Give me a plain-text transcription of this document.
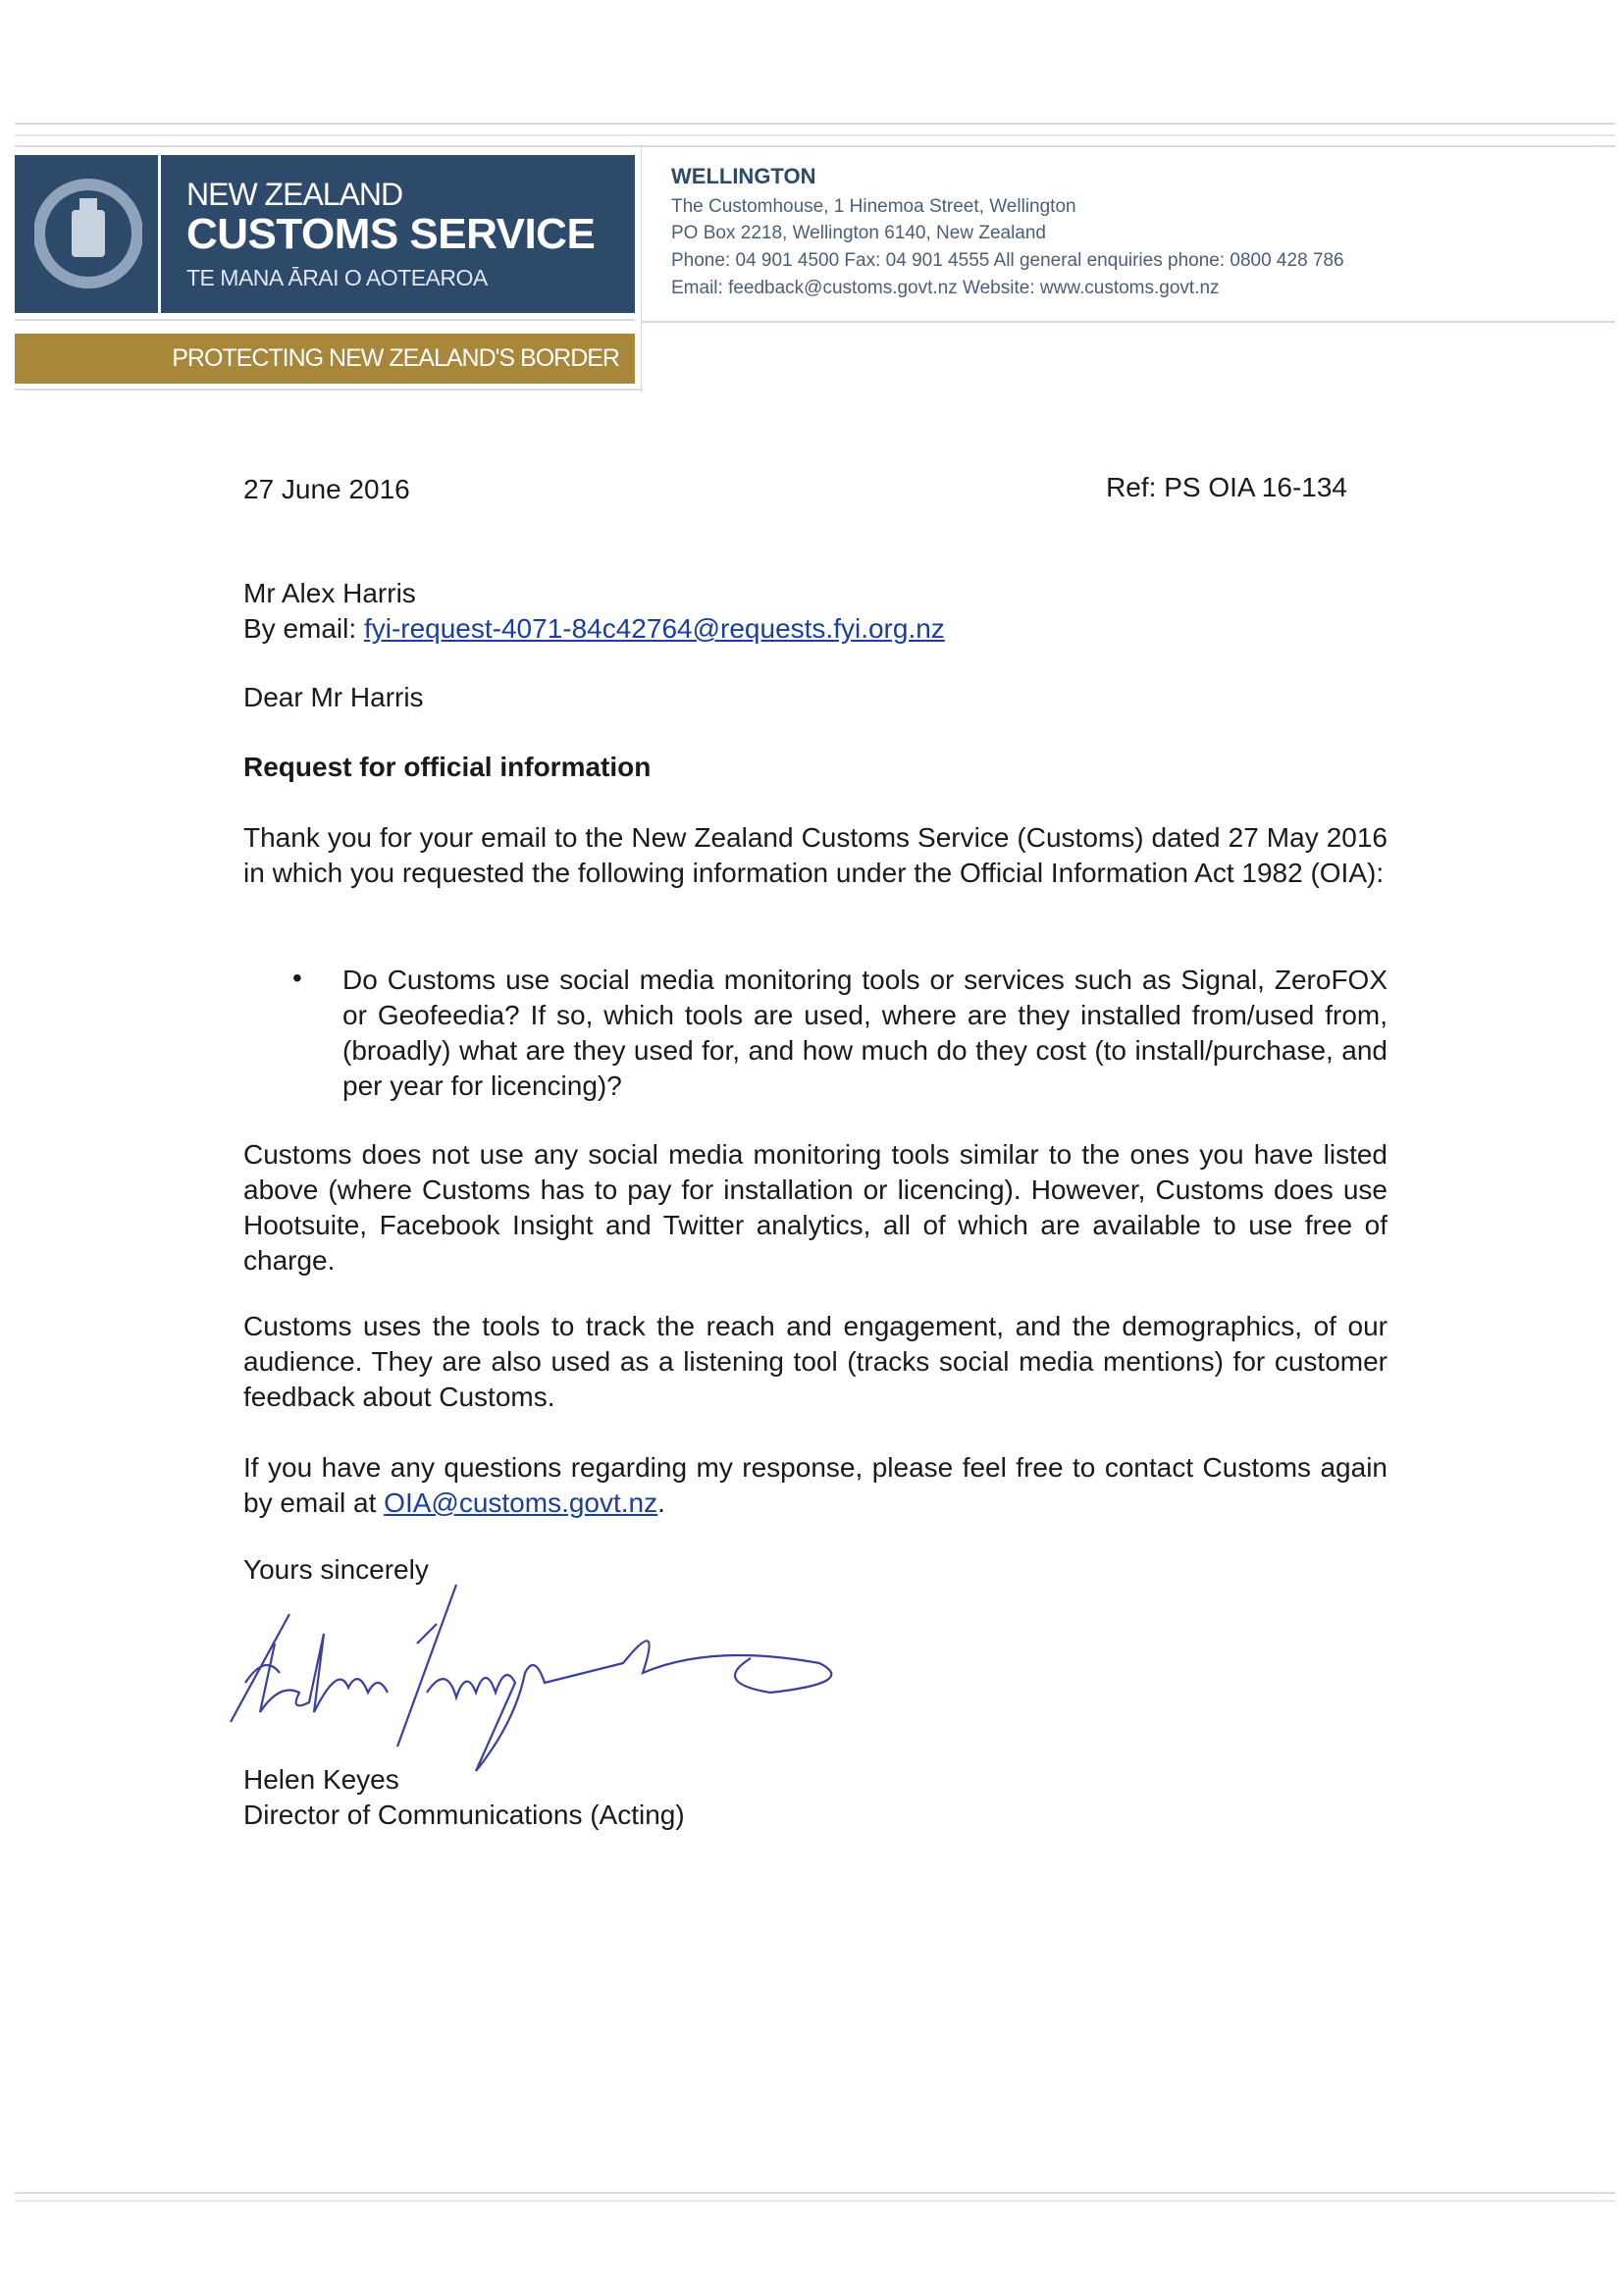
NEW ZEALAND
CUSTOMS SERVICE
TE MANA ĀRAI O AOTEAROA
PROTECTING NEW ZEALAND'S BORDER
WELLINGTON
The Customhouse, 1 Hinemoa Street, Wellington
PO Box 2218, Wellington 6140, New Zealand
Phone: 04 901 4500 Fax: 04 901 4555 All general enquiries phone: 0800 428 786
Email: feedback@customs.govt.nz Website: www.customs.govt.nz
27 June 2016	Ref: PS OIA 16-134
Mr Alex Harris
By email: fyi-request-4071-84c42764@requests.fyi.org.nz
Dear Mr Harris
Request for official information
Thank you for your email to the New Zealand Customs Service (Customs) dated 27 May 2016 in which you requested the following information under the Official Information Act 1982 (OIA):
• Do Customs use social media monitoring tools or services such as Signal, ZeroFOX or Geofeedia? If so, which tools are used, where are they installed from/used from, (broadly) what are they used for, and how much do they cost (to install/purchase, and per year for licencing)?
Customs does not use any social media monitoring tools similar to the ones you have listed above (where Customs has to pay for installation or licencing). However, Customs does use Hootsuite, Facebook Insight and Twitter analytics, all of which are available to use free of charge.
Customs uses the tools to track the reach and engagement, and the demographics, of our audience. They are also used as a listening tool (tracks social media mentions) for customer feedback about Customs.
If you have any questions regarding my response, please feel free to contact Customs again by email at OIA@customs.govt.nz.
Yours sincerely
Helen Keyes
Director of Communications (Acting)
